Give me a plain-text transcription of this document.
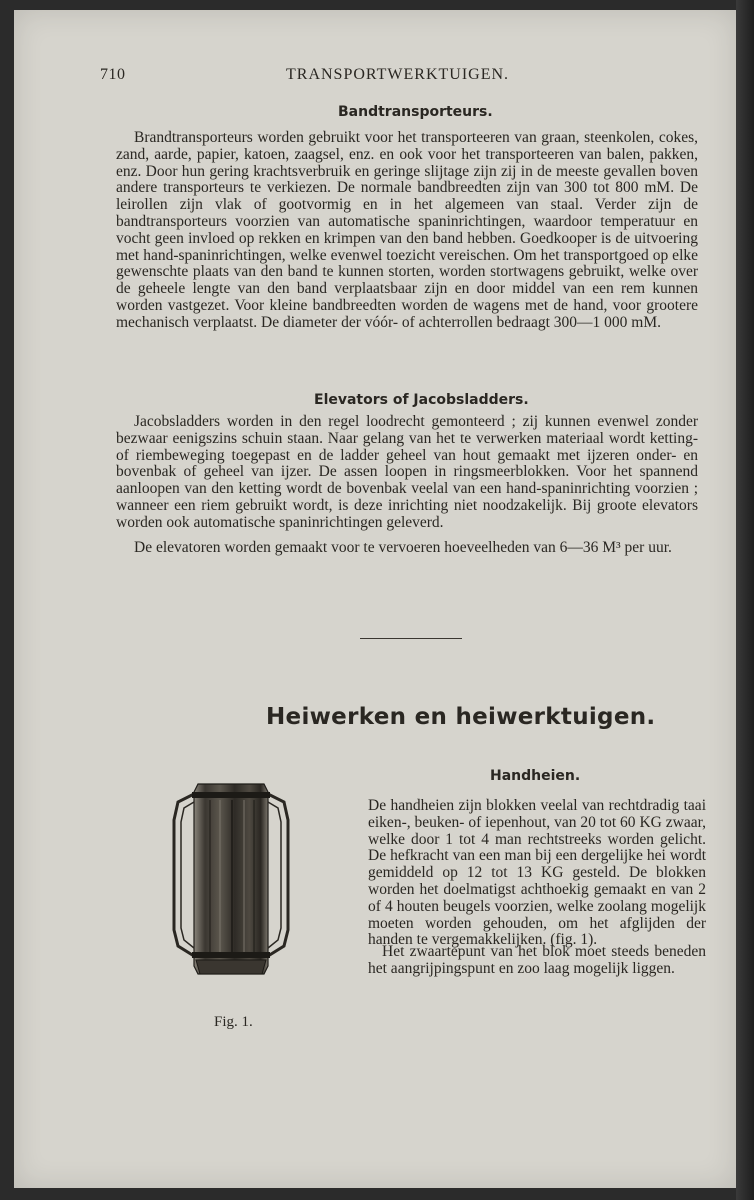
710	TRANSPORTWERKTUIGEN.
Bandtransporteurs.

Brandtransporteurs worden gebruikt voor het transporteeren van graan, steenkolen, cokes, zand, aarde, papier, katoen, zaagsel, enz. en ook voor het transporteeren van balen, pakken, enz. Door hun gering krachtsverbruik en geringe slijtage zijn zij in de meeste gevallen boven andere transporteurs te verkiezen. De normale bandbreedten zijn van 300 tot 800 mM. De leirollen zijn vlak of gootvormig en in het algemeen van staal. Verder zijn de bandtransporteurs voorzien van automatische spaninrichtingen, waardoor temperatuur en vocht geen invloed op rekken en krimpen van den band hebben. Goedkooper is de uitvoering met hand-spaninrichtingen, welke evenwel toezicht vereischen. Om het transportgoed op elke gewenschte plaats van den band te kunnen storten, worden stortwagens gebruikt, welke over de geheele lengte van den band verplaatsbaar zijn en door middel van een rem kunnen worden vastgezet. Voor kleine bandbreedten worden de wagens met de hand, voor grootere mechanisch verplaatst. De diameter der vóór- of achterrollen bedraagt 300—1 000 mM.

Elevators of Jacobsladders.

Jacobsladders worden in den regel loodrecht gemonteerd ; zij kunnen evenwel zonder bezwaar eenigszins schuin staan. Naar gelang van het te verwerken materiaal wordt ketting- of riembeweging toegepast en de ladder geheel van hout gemaakt met ijzeren onder- en bovenbak of geheel van ijzer. De assen loopen in ringsmeerblokken. Voor het spannend aanloopen van den ketting wordt de bovenbak veelal van een hand-spaninrichting voorzien ; wanneer een riem gebruikt wordt, is deze inrichting niet noodzakelijk. Bij groote elevators worden ook automatische spaninrichtingen geleverd.

De elevatoren worden gemaakt voor te vervoeren hoeveelheden van 6—36 M³ per uur.

Heiwerken en heiwerktuigen.
Handheien.
Fig. 1.

De handheien zijn blokken veelal van rechtdradig taai eiken-, beuken- of iepenhout, van 20 tot 60 KG zwaar, welke door 1 tot 4 man rechtstreeks worden gelicht. De hefkracht van een man bij een dergelijke hei wordt gemiddeld op 12 tot 13 KG gesteld. De blokken worden het doelmatigst achthoekig gemaakt en van 2 of 4 houten beugels voorzien, welke zoolang mogelijk moeten worden gehouden, om het afglijden der handen te vergemakkelijken. (fig. 1).

Het zwaartepunt van het blok moet steeds beneden het aangrijpingspunt en zoo laag mogelijk liggen.
